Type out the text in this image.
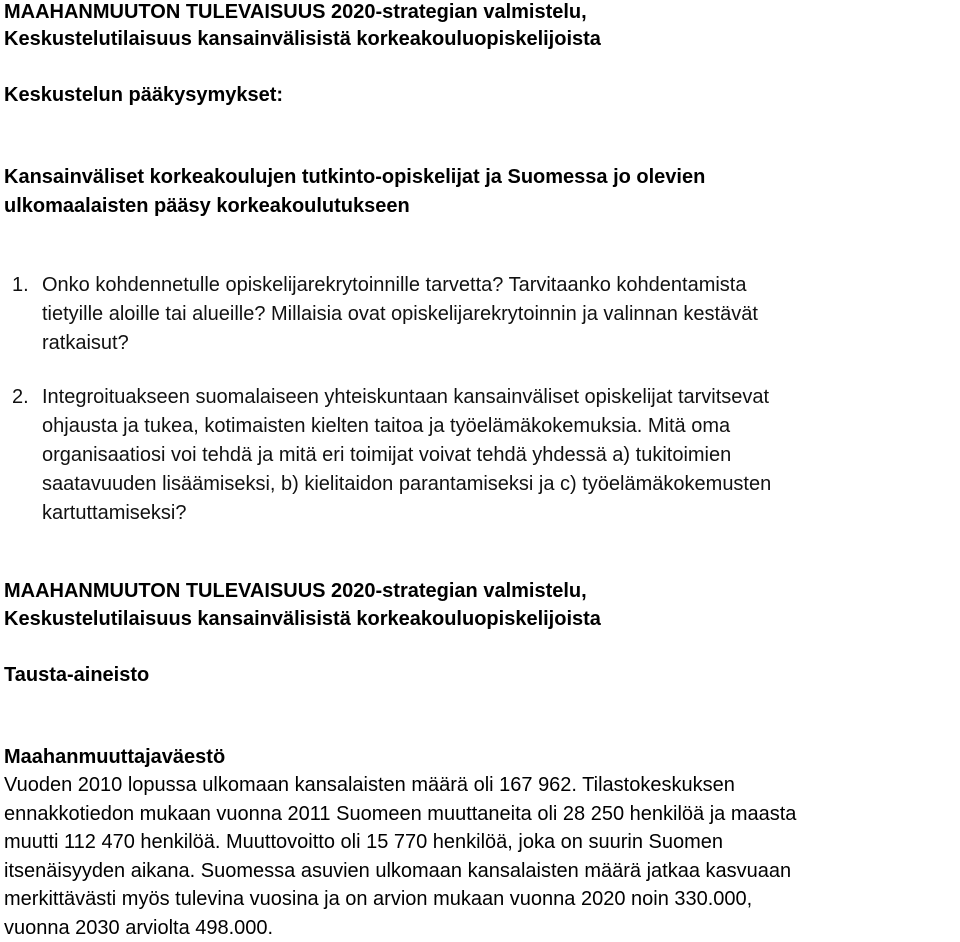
MAAHANMUUTON TULEVAISUUS 2020-strategian valmistelu,

Keskustelutilaisuus kansainvälisistä korkeakouluopiskelijoista

Keskustelun pääkysymykset:

Kansainväliset korkeakoulujen tutkinto-opiskelijat ja Suomessa jo olevien

ulkomaalaisten pääsy korkeakoulutukseen

1. Onko kohdennetulle opiskelijarekrytoinnille tarvetta? Tarvitaanko kohdentamista
tietyille aloille tai alueille? Millaisia ovat opiskelijarekrytoinnin ja valinnan kestävät
ratkaisut?
2. Integroituakseen suomalaiseen yhteiskuntaan kansainväliset opiskelijat tarvitsevat
ohjausta ja tukea, kotimaisten kielten taitoa ja työelämäkokemuksia. Mitä oma
organisaatiosi voi tehdä ja mitä eri toimijat voivat tehdä yhdessä a) tukitoimien
saatavuuden lisäämiseksi, b) kielitaidon parantamiseksi ja c) työelämäkokemusten
kartuttamiseksi?

MAAHANMUUTON TULEVAISUUS 2020-strategian valmistelu,

Keskustelutilaisuus kansainvälisistä korkeakouluopiskelijoista

Tausta-aineisto

Maahanmuuttajaväestö

Vuoden 2010 lopussa ulkomaan kansalaisten määrä oli 167 962. Tilastokeskuksen
ennakkotiedon mukaan vuonna 2011 Suomeen muuttaneita oli 28 250 henkilöä ja maasta
muutti 112 470 henkilöä. Muuttovoitto oli 15 770 henkilöä, joka on suurin Suomen
itsenäisyyden aikana. Suomessa asuvien ulkomaan kansalaisten määrä jatkaa kasvuaan
merkittävästi myös tulevina vuosina ja on arvion mukaan vuonna 2020 noin 330.000,
vuonna 2030 arviolta 498.000.
